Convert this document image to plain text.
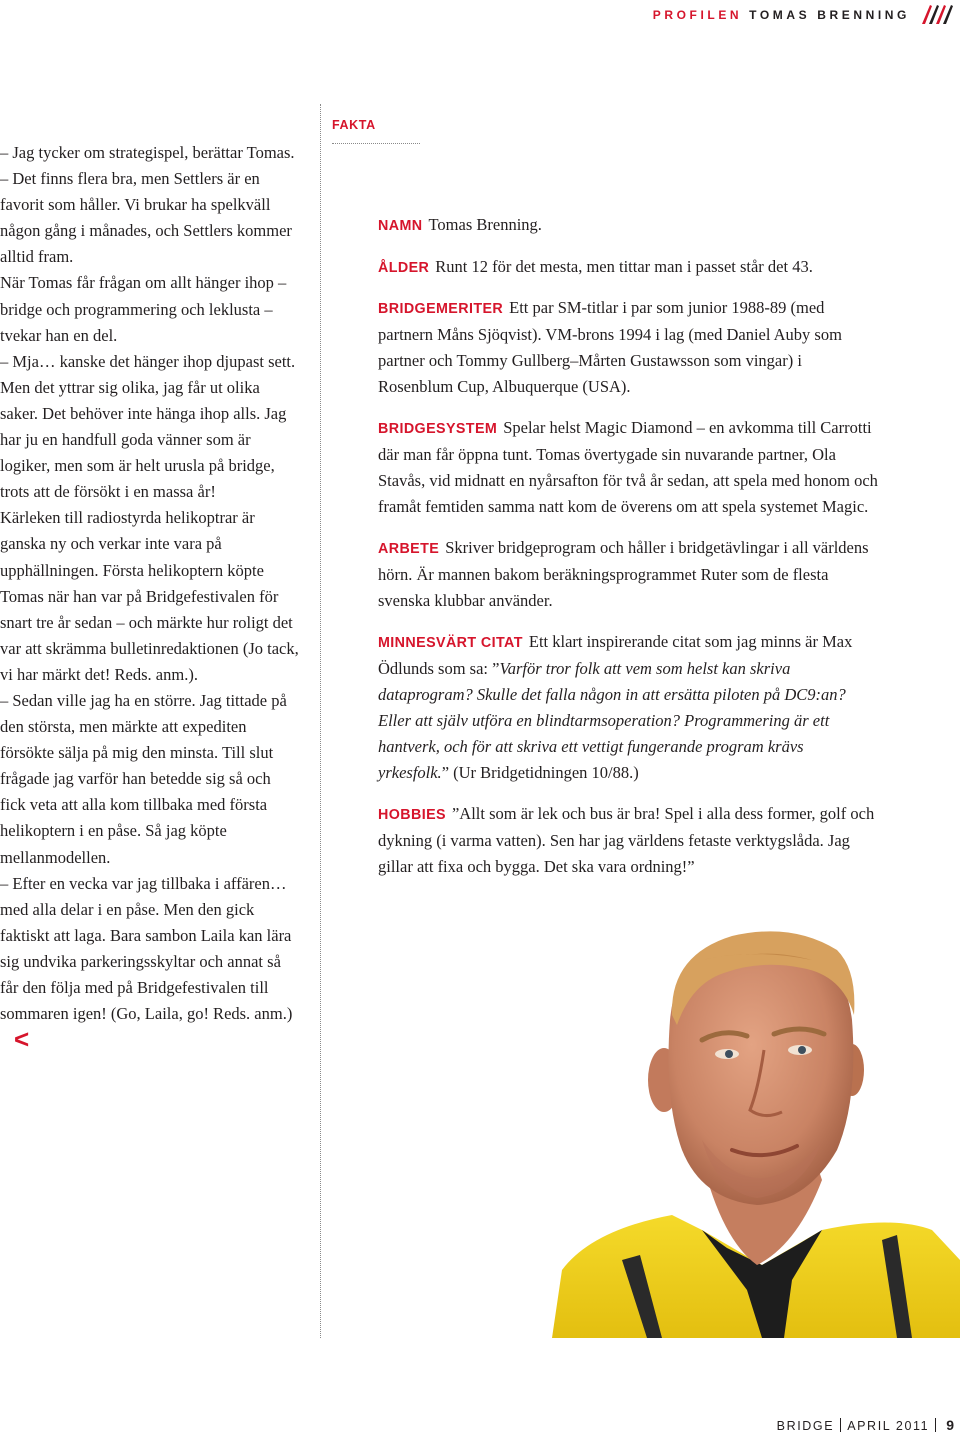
PROFILEN TOMAS BRENNING

– Jag tycker om strategispel, berättar Tomas.

– Det finns flera bra, men Settlers är en favorit som håller. Vi brukar ha spelkväll någon gång i månades, och Settlers kommer alltid fram.

När Tomas får frågan om allt hänger ihop – bridge och programmering och leklusta – tvekar han en del.

– Mja… kanske det hänger ihop djupast sett. Men det yttrar sig olika, jag får ut olika saker. Det behöver inte hänga ihop alls. Jag har ju en handfull goda vänner som är logiker, men som är helt urusla på bridge, trots att de försökt i en massa år!

Kärleken till radiostyrda helikoptrar är ganska ny och verkar inte vara på upphällningen. Första helikoptern köpte Tomas när han var på Bridgefestivalen för snart tre år sedan – och märkte hur roligt det var att skrämma bulletinredaktionen (Jo tack, vi har märkt det! Reds. anm.).

– Sedan ville jag ha en större. Jag tittade på den största, men märkte att expediten försökte sälja på mig den minsta. Till slut frågade jag varför han betedde sig så och fick veta att alla kom tillbaka med första helikoptern i en påse. Så jag köpte mellanmodellen.

– Efter en vecka var jag tillbaka i affären… med alla delar i en påse. Men den gick faktiskt att laga. Bara sambon Laila kan lära sig undvika parkeringsskyltar och annat så får den följa med på Bridgefestivalen till sommaren igen! (Go, Laila, go! Reds. anm.)<

FAKTA

NAMN Tomas Brenning.

ÅLDER Runt 12 för det mesta, men tittar man i passet står det 43.

BRIDGEMERITER Ett par SM-titlar i par som junior 1988-89 (med partnern Måns Sjöqvist). VM-brons 1994 i lag (med Daniel Auby som partner och Tommy Gullberg–Mårten Gustawsson som vingar) i Rosenblum Cup, Albuquerque (USA).

BRIDGESYSTEM Spelar helst Magic Diamond – en avkomma till Carrotti där man får öppna tunt. Tomas övertygade sin nuvarande partner, Ola Stavås, vid midnatt en nyårsafton för två år sedan, att spela med honom och framåt femtiden samma natt kom de överens om att spela systemet Magic.

ARBETE Skriver bridgeprogram och håller i bridgetävlingar i all världens hörn. Är mannen bakom beräkningsprogrammet Ruter som de flesta svenska klubbar använder.

MINNESVÄRT CITAT Ett klart inspirerande citat som jag minns är Max Ödlunds som sa: ”Varför tror folk att vem som helst kan skriva dataprogram? Skulle det falla någon in att ersätta piloten på DC9:an? Eller att själv utföra en blindtarmsoperation? Programmering är ett hantverk, och för att skriva ett vettigt fungerande program krävs yrkesfolk.” (Ur Bridgetidningen 10/88.)

HOBBIES ”Allt som är lek och bus är bra! Spel i alla dess former, golf och dykning (i varma vatten). Sen har jag världens fetaste verktygslåda. Jag gillar att fixa och bygga. Det ska vara ordning!”

BRIDGE APRIL 2011 9
